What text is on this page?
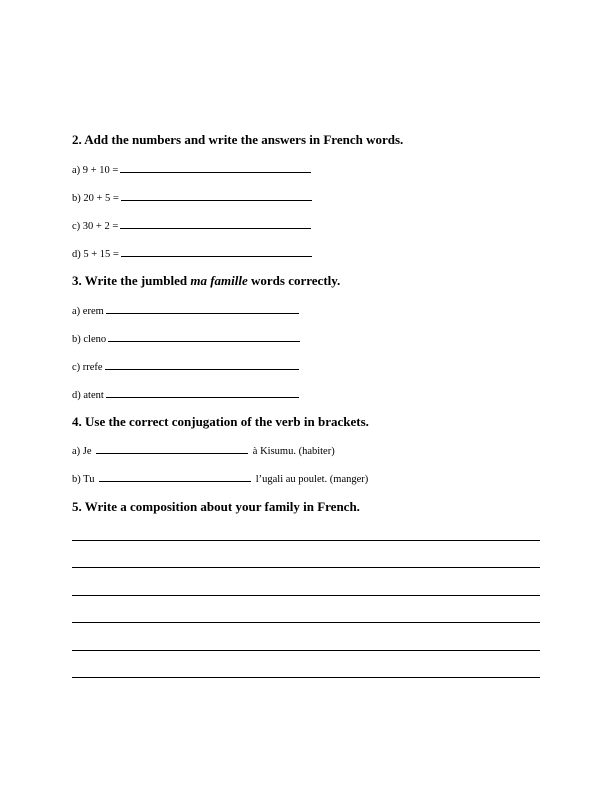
2. Add the numbers and write the answers in French words.
a) 9 + 10 =
b) 20 + 5 =
c) 30 + 2 =
d) 5 + 15 =
3. Write the jumbled ma famille words correctly.
a) erem
b) cleno
c) rrefe
d) atent
4. Use the correct conjugation of the verb in brackets.
a) Je	à Kisumu. (habiter)
b) Tu	l’ugali au poulet. (manger)
5. Write a composition about your family in French.
